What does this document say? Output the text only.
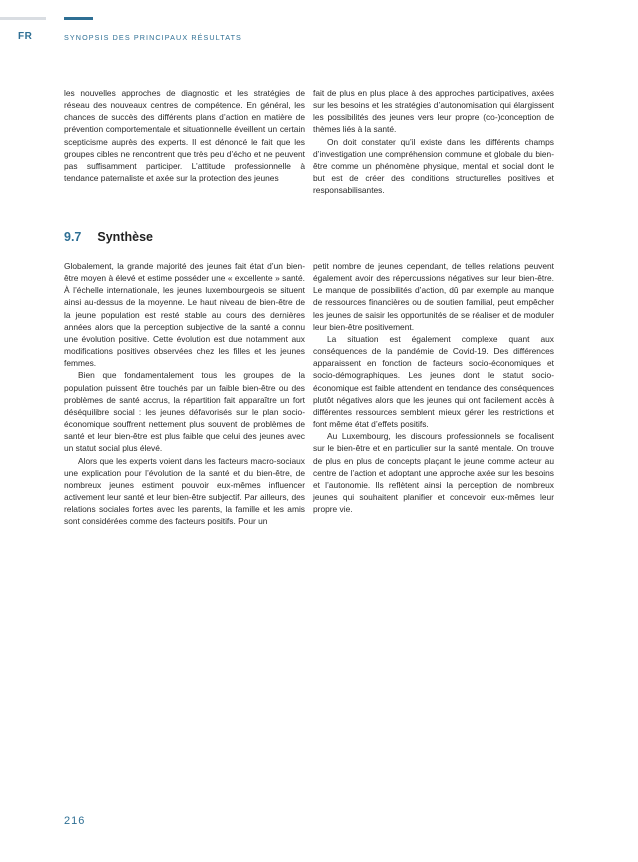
FR	SYNOPSIS DES PRINCIPAUX RÉSULTATS

les nouvelles approches de diagnostic et les stratégies de réseau des nouveaux centres de compétence. En général, les chances de succès des différents plans d’action en matière de prévention comportementale et situationnelle éveillent un certain scepticisme auprès des experts. Il est dénoncé le fait que les groupes cibles ne rencontrent que très peu d’écho et ne peuvent pas suffisamment participer. L’attitude professionnelle à tendance paternaliste et axée sur la protection des jeunes

fait de plus en plus place à des approches participatives, axées sur les besoins et les stratégies d’autonomisation qui élargissent les possibilités des jeunes vers leur propre (co-)conception de thèmes liés à la santé.

On doit constater qu’il existe dans les différents champs d’investigation une compréhension commune et globale du bien-être comme un phénomène physique, mental et social dont le but est de créer des conditions structurelles positives et responsabilisantes.

9.7 Synthèse

Globalement, la grande majorité des jeunes fait état d’un bien-être moyen à élevé et estime posséder une « excellente » santé. À l’échelle internationale, les jeunes luxembourgeois se situent ainsi au-dessus de la moyenne. Le haut niveau de bien-être de la jeune population est resté stable au cours des dernières années alors que la perception subjective de la santé a connu une évolution positive. Cette évolution est due notamment aux modifications positives observées chez les filles et les jeunes femmes.

Bien que fondamentalement tous les groupes de la population puissent être touchés par un faible bien-être ou des problèmes de santé accrus, la répartition fait apparaître un fort déséquilibre social : les jeunes défavorisés sur le plan socio-économique souffrent nettement plus souvent de problèmes de santé et leur bien-être est plus faible que celui des jeunes avec un statut social plus élevé.

Alors que les experts voient dans les facteurs macro-sociaux une explication pour l’évolution de la santé et du bien-être, de nombreux jeunes estiment pouvoir eux-mêmes influencer activement leur santé et leur bien-être subjectif. Par ailleurs, des relations sociales fortes avec les parents, la famille et les amis sont considérées comme des facteurs positifs. Pour un

petit nombre de jeunes cependant, de telles relations peuvent également avoir des répercussions négatives sur leur bien-être. Le manque de possibilités d’action, dû par exemple au manque de ressources financières ou de soutien familial, peut empêcher les jeunes de saisir les opportunités de se réaliser et de moduler leur bien-être positivement.

La situation est également complexe quant aux conséquences de la pandémie de Covid-19. Des différences apparaissent en fonction de facteurs socio-économiques et socio-démographiques. Les jeunes dont le statut socio-économique est faible attendent en tendance des conséquences plutôt négatives alors que les jeunes qui ont facilement accès à différentes ressources semblent mieux gérer les restrictions et font même état d’effets positifs.

Au Luxembourg, les discours professionnels se focalisent sur le bien-être et en particulier sur la santé mentale. On trouve de plus en plus de concepts plaçant le jeune comme acteur au centre de l’action et adoptant une approche axée sur les besoins et l’autonomie. Ils reflètent ainsi la perception de nombreux jeunes qui souhaitent planifier et concevoir eux-mêmes leur propre vie.

216
